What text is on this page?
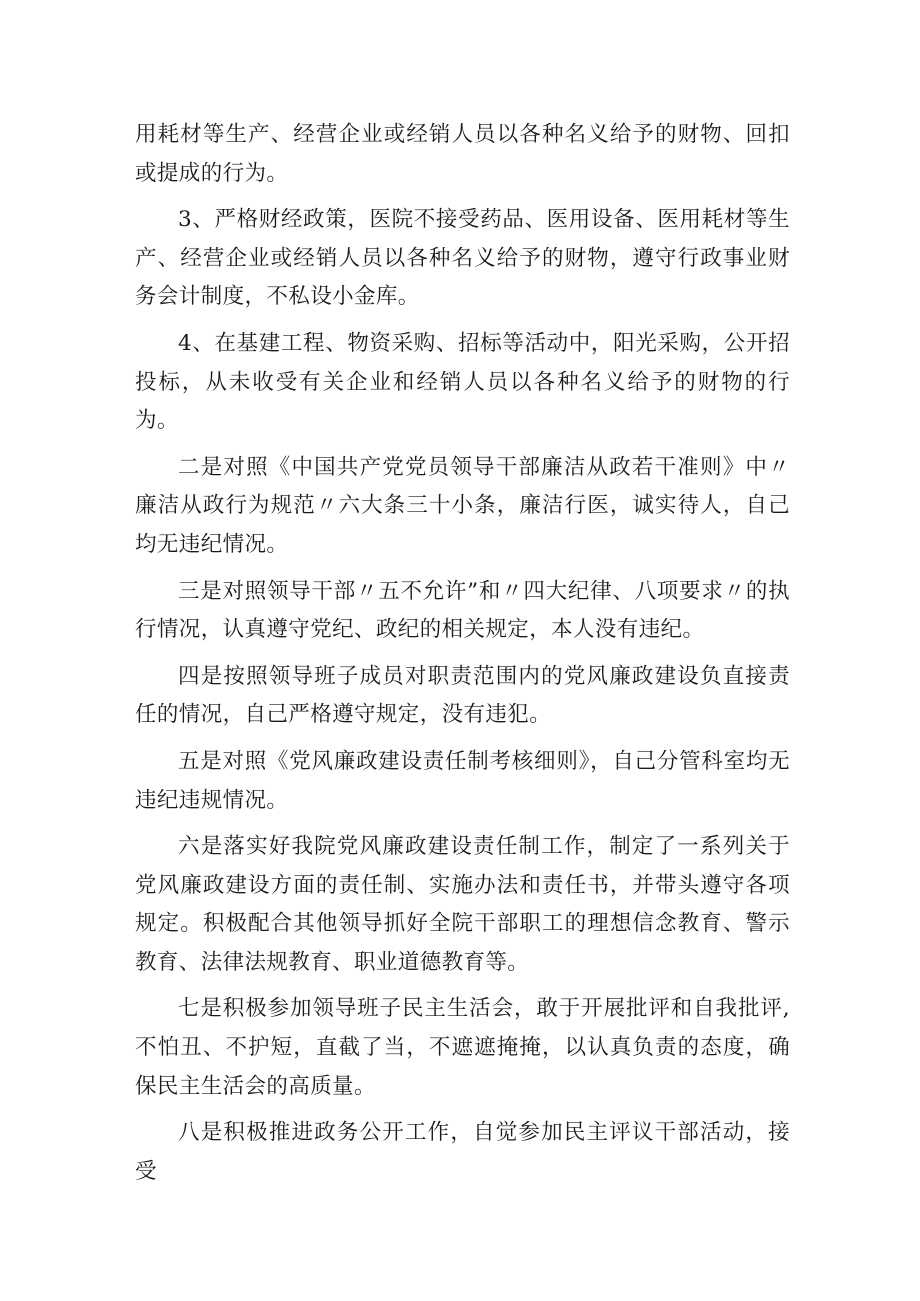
用耗材等生产、经营企业或经销人员以各种名义给予的财物、回扣或提成的行为。

3、严格财经政策，医院不接受药品、医用设备、医用耗材等生产、经营企业或经销人员以各种名义给予的财物，遵守行政事业财务会计制度，不私设小金库。

4、在基建工程、物资采购、招标等活动中，阳光采购，公开招投标，从未收受有关企业和经销人员以各种名义给予的财物的行为。

二是对照《中国共产党党员领导干部廉洁从政若干准则》中〃廉洁从政行为规范〃六大条三十小条，廉洁行医，诚实待人，自己均无违纪情况。

三是对照领导干部〃五不允许”和〃四大纪律、八项要求〃的执行情况，认真遵守党纪、政纪的相关规定，本人没有违纪。

四是按照领导班子成员对职责范围内的党风廉政建设负直接责任的情况，自己严格遵守规定，没有违犯。

五是对照《党风廉政建设责任制考核细则》，自己分管科室均无违纪违规情况。

六是落实好我院党风廉政建设责任制工作，制定了一系列关于党风廉政建设方面的责任制、实施办法和责任书，并带头遵守各项规定。积极配合其他领导抓好全院干部职工的理想信念教育、警示教育、法律法规教育、职业道德教育等。

七是积极参加领导班子民主生活会，敢于开展批评和自我批评,不怕丑、不护短，直截了当，不遮遮掩掩，以认真负责的态度，确保民主生活会的高质量。

八是积极推进政务公开工作，自觉参加民主评议干部活动，接受
